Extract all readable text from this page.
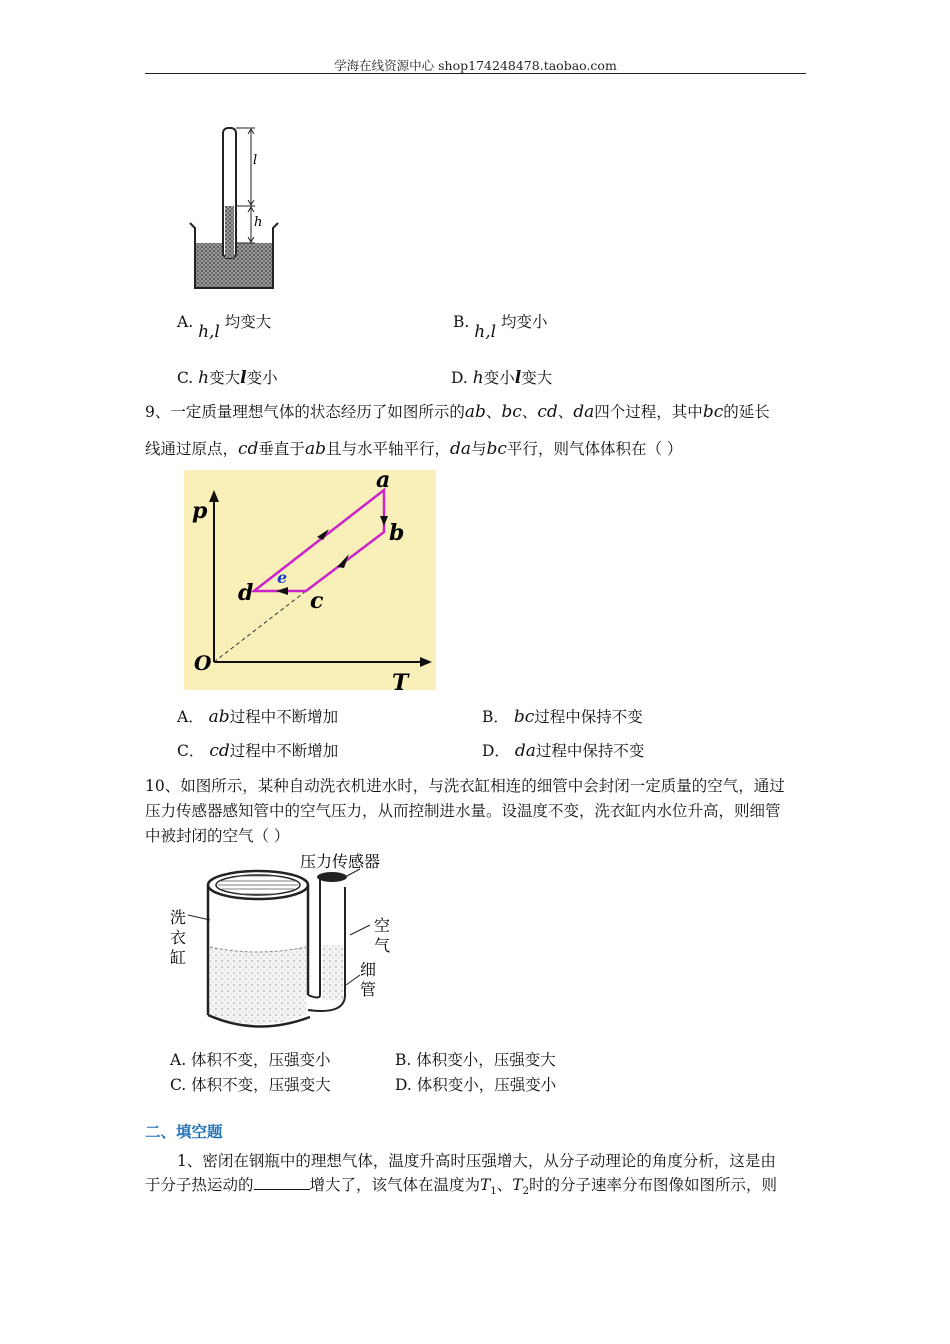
学海在线资源中心 shop174248478.taobao.com
l
h
A. h,l 均变大	B. h,l 均变小
C. h变大l变小	D. h变小l变大
9、一定质量理想气体的状态经历了如图所示的ab、bc、cd、da四个过程，其中bc的延长
线通过原点，cd垂直于ab且与水平轴平行，da与bc平行，则气体体积在（ ）
p
T
O
a
b
c
d
e
A． ab过程中不断增加	B． bc过程中保持不变
C． cd过程中不断增加	D． da过程中保持不变
10、如图所示，某种自动洗衣机进水时，与洗衣缸相连的细管中会封闭一定质量的空气，通过
压力传感器感知管中的空气压力，从而控制进水量。设温度不变，洗衣缸内水位升高，则细管
中被封闭的空气（ ）
压力传感器
洗
衣
缸
空
气
细
管
A. 体积不变，压强变小	B. 体积变小，压强变大
C. 体积不变，压强变大	D. 体积变小，压强变小
二、填空题
1、密闭在钢瓶中的理想气体，温度升高时压强增大，从分子动理论的角度分析，这是由
于分子热运动的	增大了，该气体在温度为$T_1$、$T_2$时的分子速率分布图像如图所示，则
